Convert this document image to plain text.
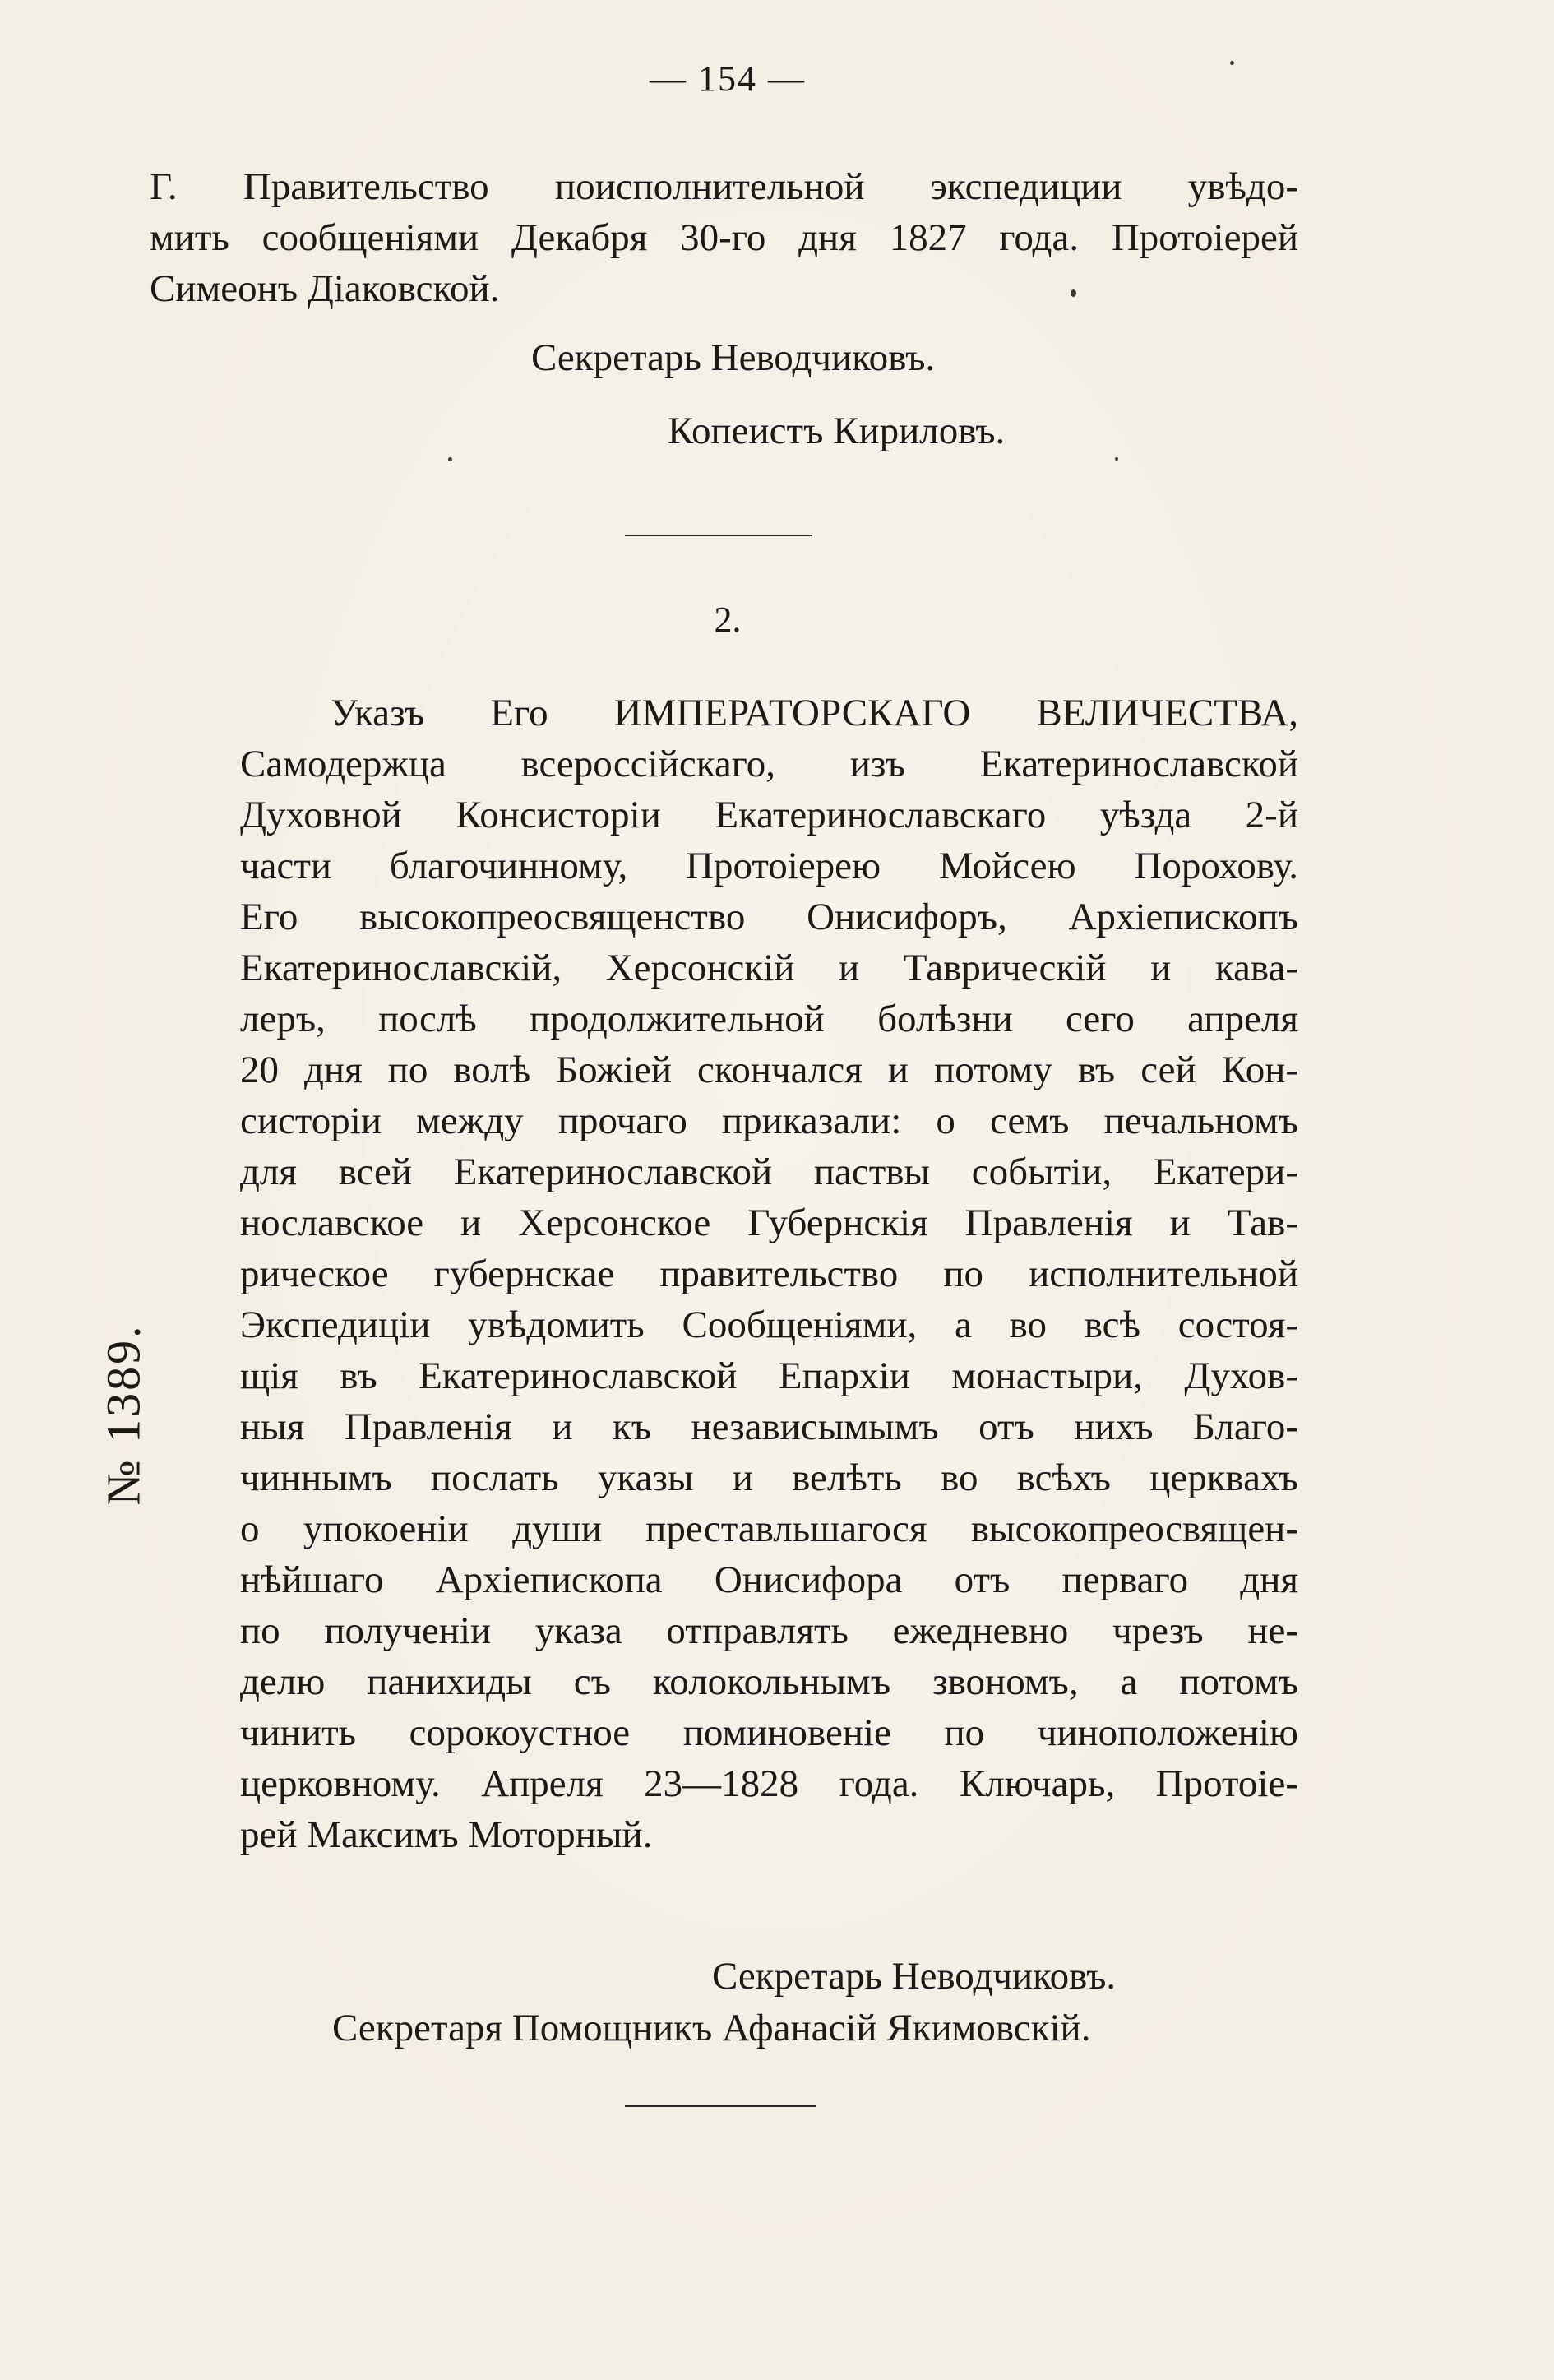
— 154 —
Г. Правительство поисполнительной экспедиции увѣдо-
мить сообщеніями Декабря 30-го дня 1827 года. Протоіерей
Симеонъ Діаковской.
Секретарь Неводчиковъ.
Копеистъ Кириловъ.
2.
№ 1389.
Указъ Его ИМПЕРАТОРСКАГО ВЕЛИЧЕСТВА,
Самодержца всероссійскаго, изъ Екатеринославской
Духовной Консисторіи Екатеринославскаго уѣзда 2-й
части благочинному, Протоіерею Мойсею Порохову.
Его высокопреосвященство Онисифоръ, Архіепископъ
Екатеринославскій, Херсонскій и Таврическій и кава-
леръ, послѣ продолжительной болѣзни сего апреля
20 дня по волѣ Божіей скончался и потому въ сей Кон-
систоріи между прочаго приказали: о семъ печальномъ
для всей Екатеринославской паствы событіи, Екатери-
нославское и Херсонское Губернскія Правленія и Тав-
рическое губернскае правительство по исполнительной
Экспедиціи увѣдомить Сообщеніями, а во всѣ состоя-
щія въ Екатеринославской Епархіи монастыри, Духов-
ныя Правленія и къ независымымъ отъ нихъ Благо-
чиннымъ послать указы и велѣть во всѣхъ церквахъ
о упокоеніи души преставльшагося высокопреосвящен-
нѣйшаго Архіепископа Онисифора отъ перваго дня
по полученіи указа отправлять ежедневно чрезъ не-
делю панихиды съ колокольнымъ звономъ, а потомъ
чинить сорокоустное поминовеніе по чиноположенію
церковному. Апреля 23—1828 года. Ключарь, Протоіе-
рей Максимъ Моторный.
Секретарь Неводчиковъ.
Секретаря Помощникъ Афанасій Якимовскій.
